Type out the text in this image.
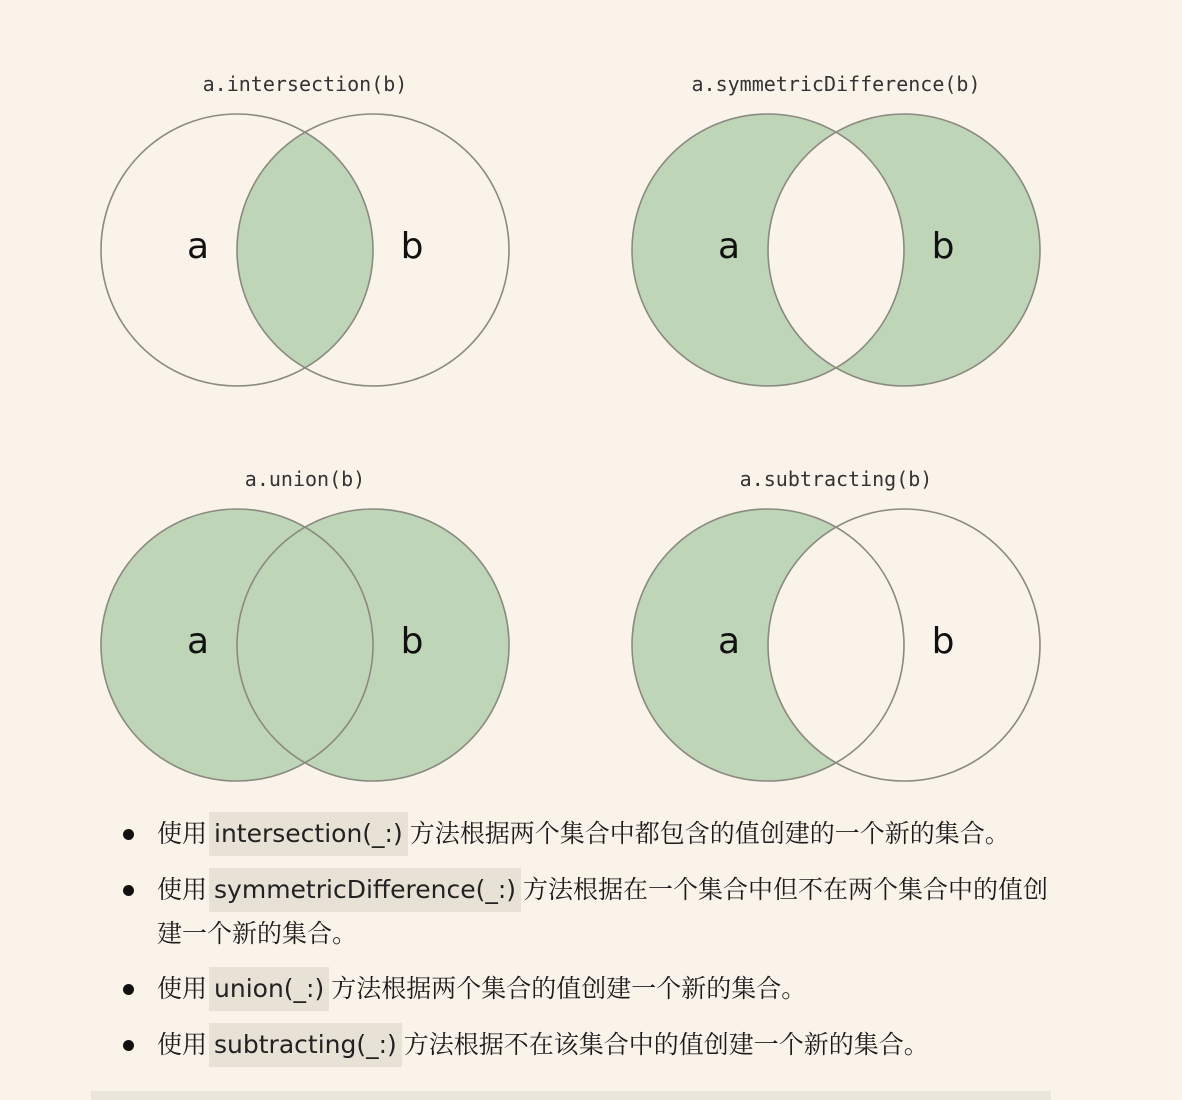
a.intersection(b)
a	b
a.symmetricDifference(b)
a	b
a.union(b)
a	b
a.subtracting(b)
a	b
使用 intersection(_:) 方法根据两个集合中都包含的值创建的一个新的集合。
使用 symmetricDifference(_:) 方法根据在一个集合中但不在两个集合中的值创建一个新的集合。
使用 union(_:) 方法根据两个集合的值创建一个新的集合。
使用 subtracting(_:) 方法根据不在该集合中的值创建一个新的集合。
